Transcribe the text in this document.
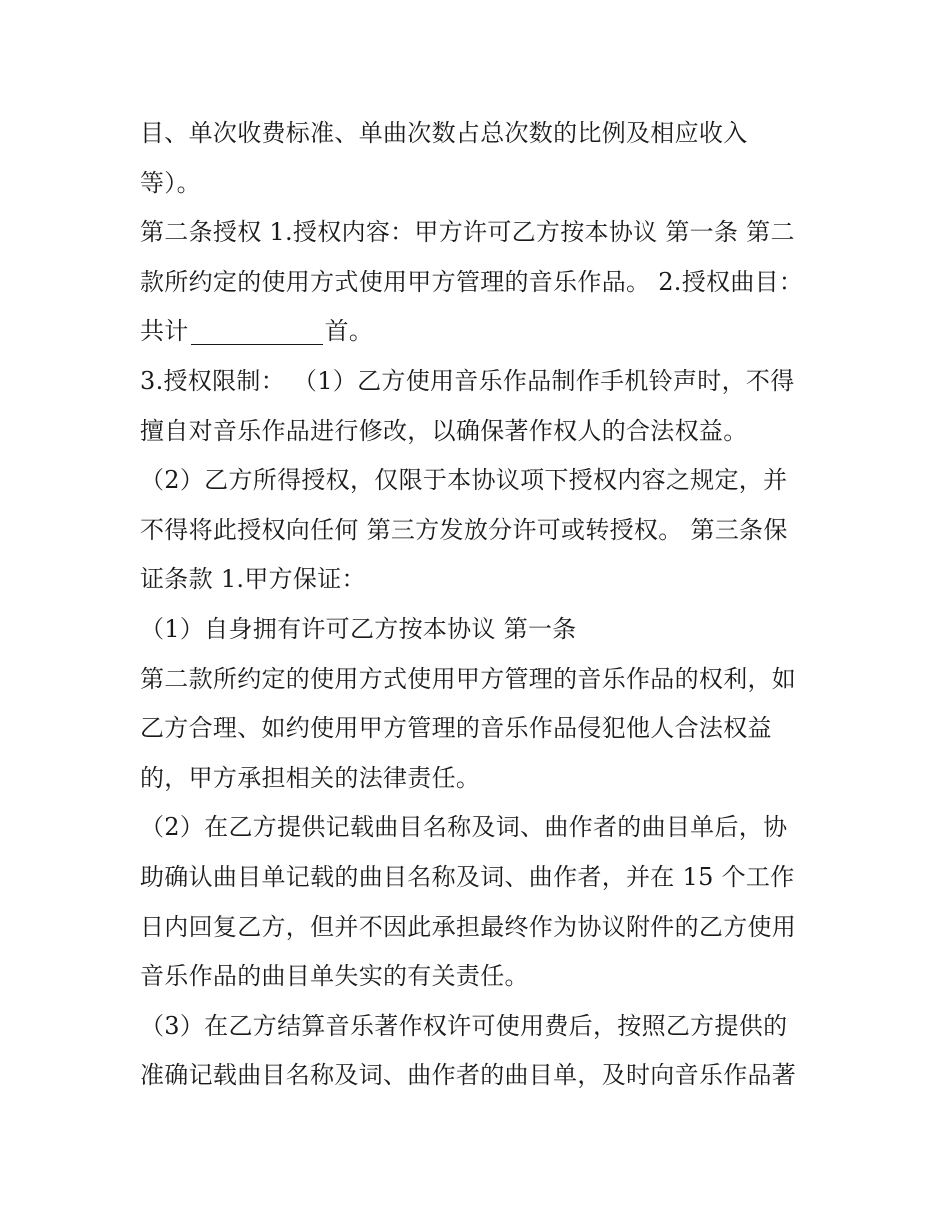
目、单次收费标准、单曲次数占总次数的比例及相应收入
等）。
第二条授权 1.授权内容：甲方许可乙方按本协议 第一条 第二
款所约定的使用方式使用甲方管理的音乐作品。 2.授权曲目：
共计	首。
3.授权限制： （1）乙方使用音乐作品制作手机铃声时，不得
擅自对音乐作品进行修改，以确保著作权人的合法权益。
（2）乙方所得授权，仅限于本协议项下授权内容之规定，并
不得将此授权向任何 第三方发放分许可或转授权。 第三条保
证条款 1.甲方保证：
（1）自身拥有许可乙方按本协议 第一条
第二款所约定的使用方式使用甲方管理的音乐作品的权利，如
乙方合理、如约使用甲方管理的音乐作品侵犯他人合法权益
的，甲方承担相关的法律责任。
（2）在乙方提供记载曲目名称及词、曲作者的曲目单后，协
助确认曲目单记载的曲目名称及词、曲作者，并在 15 个工作
日内回复乙方，但并不因此承担最终作为协议附件的乙方使用
音乐作品的曲目单失实的有关责任。
（3）在乙方结算音乐著作权许可使用费后，按照乙方提供的
准确记载曲目名称及词、曲作者的曲目单，及时向音乐作品著
